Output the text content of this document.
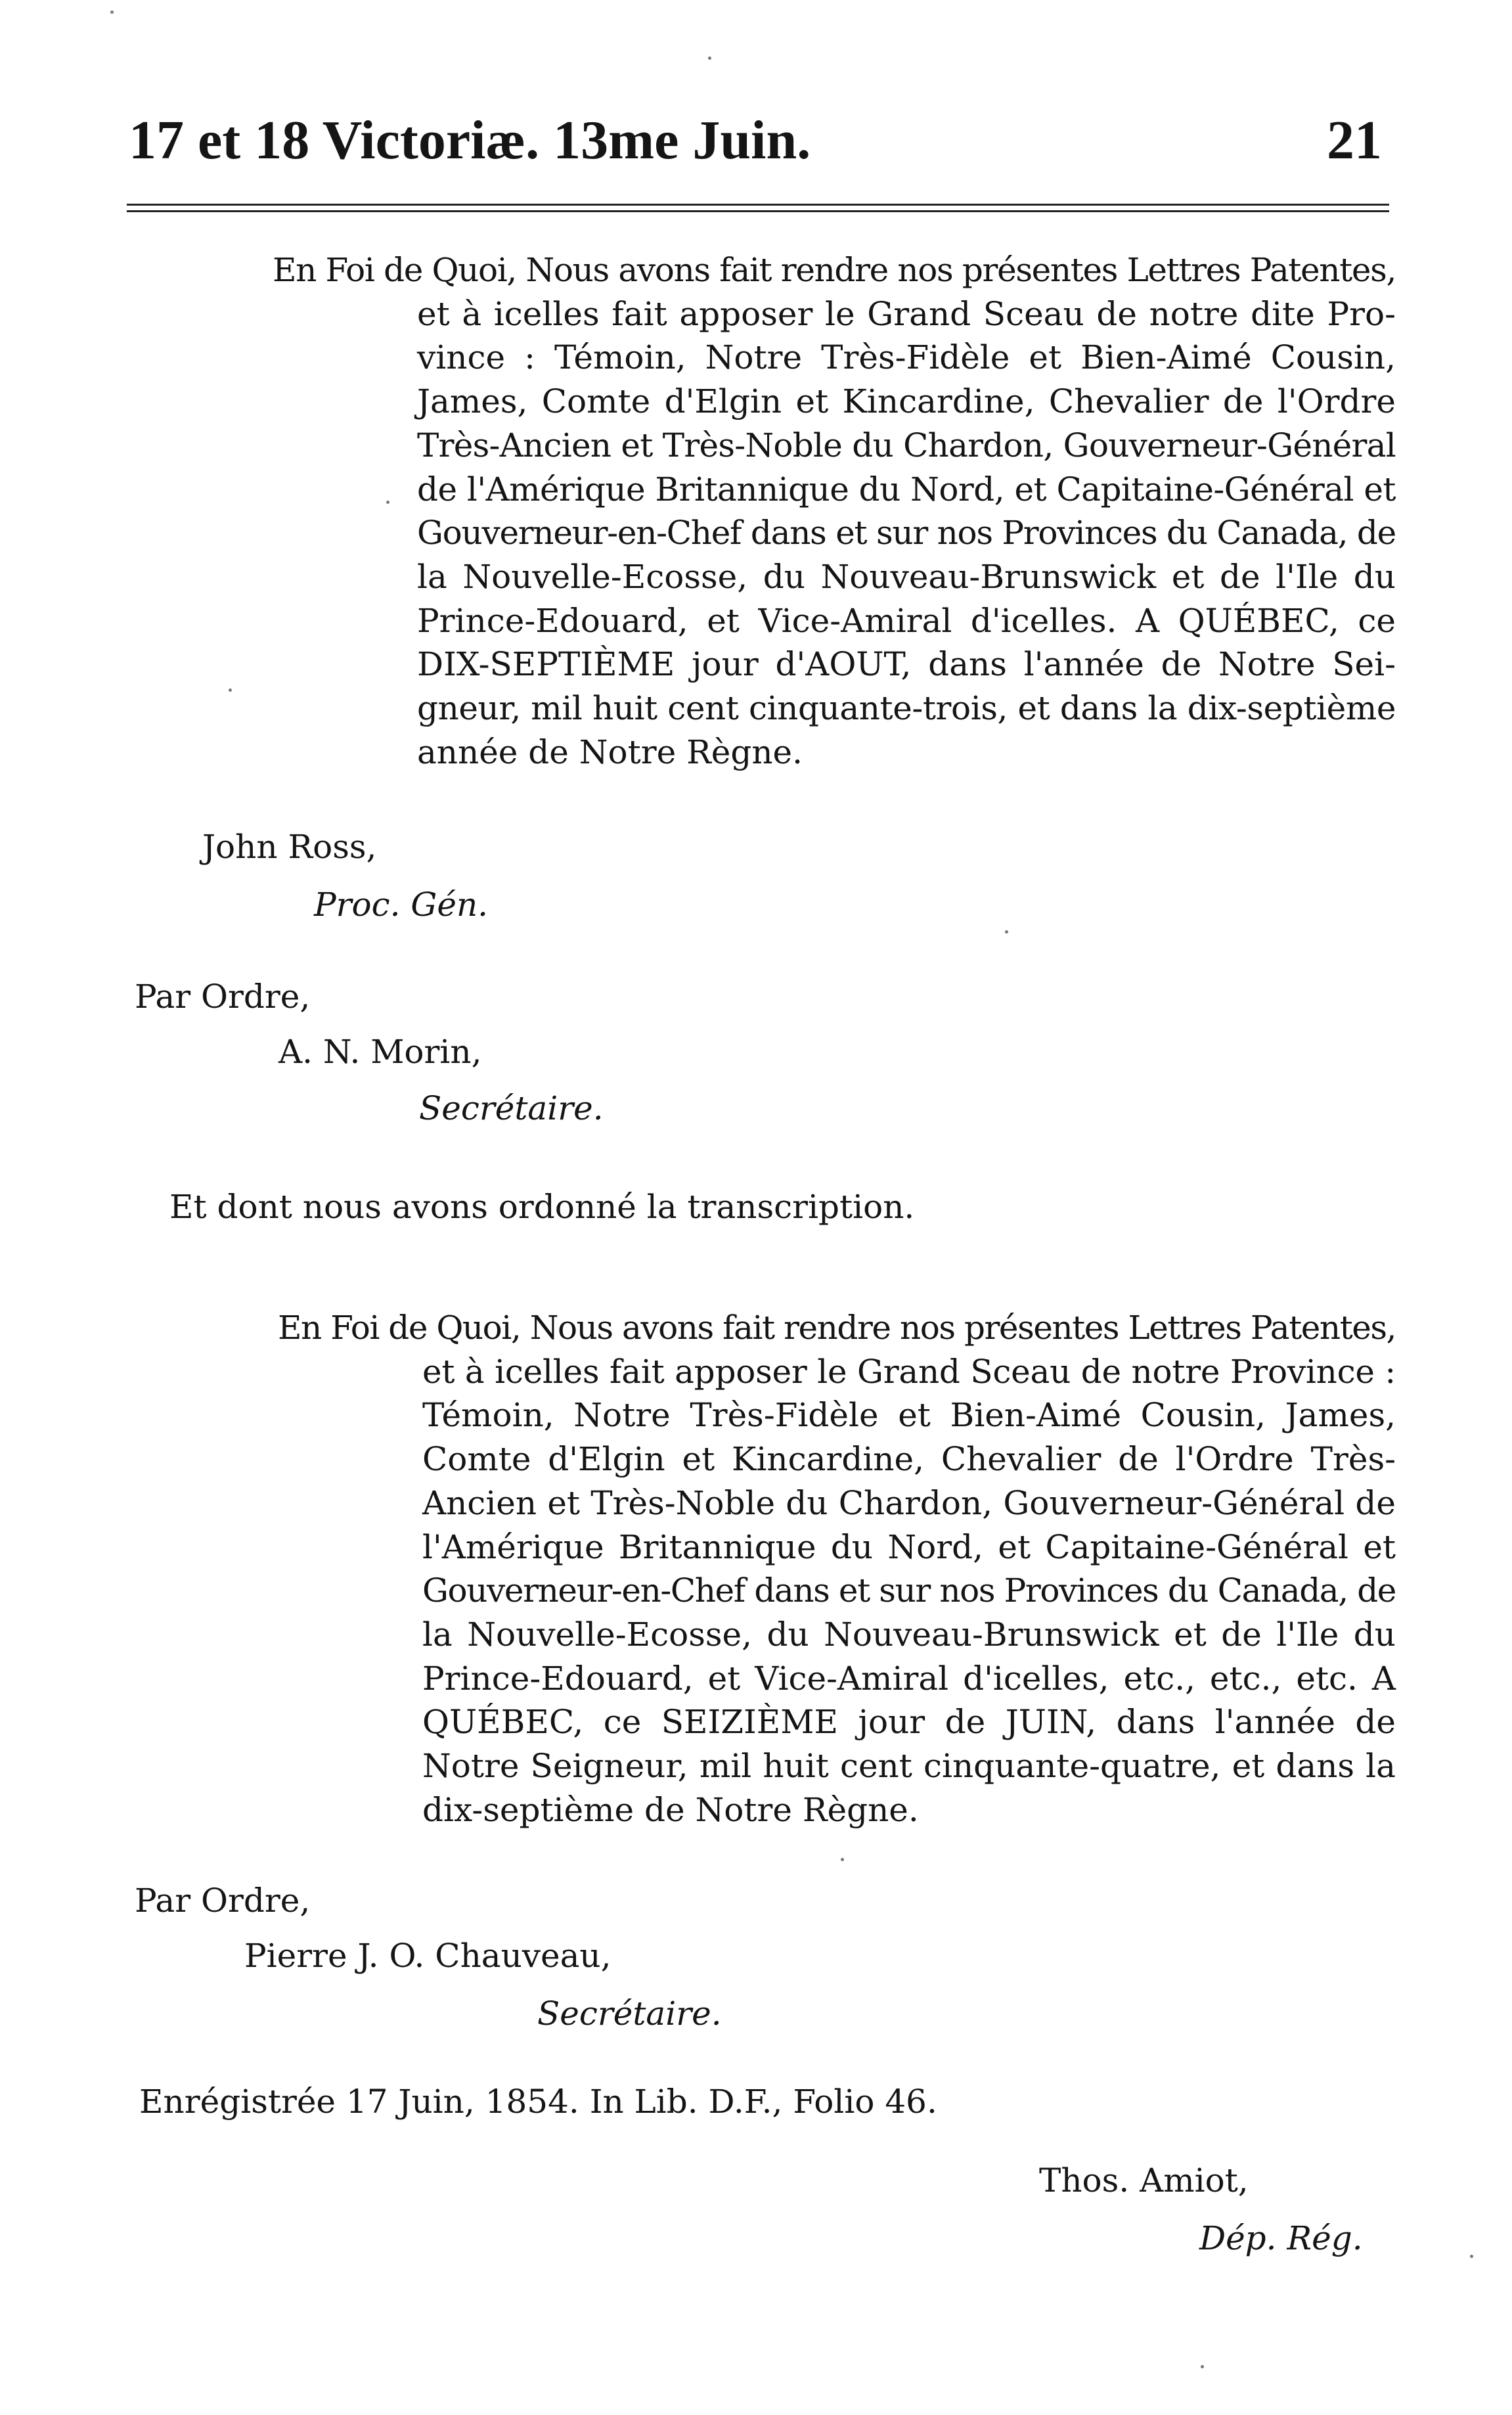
17 et 18 Victoriæ. 13me Juin.	21
En Foi de Quoi, Nous avons fait rendre nos présentes Lettres Patentes,
et à icelles fait apposer le Grand Sceau de notre dite Pro-
vince : Témoin, Notre Très-Fidèle et Bien-Aimé Cousin,
James, Comte d'Elgin et Kincardine, Chevalier de l'Ordre
Très-Ancien et Très-Noble du Chardon, Gouverneur-Général
de l'Amérique Britannique du Nord, et Capitaine-Général et
Gouverneur-en-Chef dans et sur nos Provinces du Canada, de
la Nouvelle-Ecosse, du Nouveau-Brunswick et de l'Ile du
Prince-Edouard, et Vice-Amiral d'icelles. A QUÉBEC, ce
DIX-SEPTIÈME jour d'AOUT, dans l'année de Notre Sei-
gneur, mil huit cent cinquante-trois, et dans la dix-septième
année de Notre Règne.
John Ross,
Proc. Gén.
Par Ordre,
A. N. Morin,
Secrétaire.
Et dont nous avons ordonné la transcription.
En Foi de Quoi, Nous avons fait rendre nos présentes Lettres Patentes,
et à icelles fait apposer le Grand Sceau de notre Province :
Témoin, Notre Très-Fidèle et Bien-Aimé Cousin, James,
Comte d'Elgin et Kincardine, Chevalier de l'Ordre Très-
Ancien et Très-Noble du Chardon, Gouverneur-Général de
l'Amérique Britannique du Nord, et Capitaine-Général et
Gouverneur-en-Chef dans et sur nos Provinces du Canada, de
la Nouvelle-Ecosse, du Nouveau-Brunswick et de l'Ile du
Prince-Edouard, et Vice-Amiral d'icelles, etc., etc., etc. A
QUÉBEC, ce SEIZIÈME jour de JUIN, dans l'année de
Notre Seigneur, mil huit cent cinquante-quatre, et dans la
dix-septième de Notre Règne.
Par Ordre,
Pierre J. O. Chauveau,
Secrétaire.
Enrégistrée 17 Juin, 1854. In Lib. D.F., Folio 46.
Thos. Amiot,
Dép. Rég.
